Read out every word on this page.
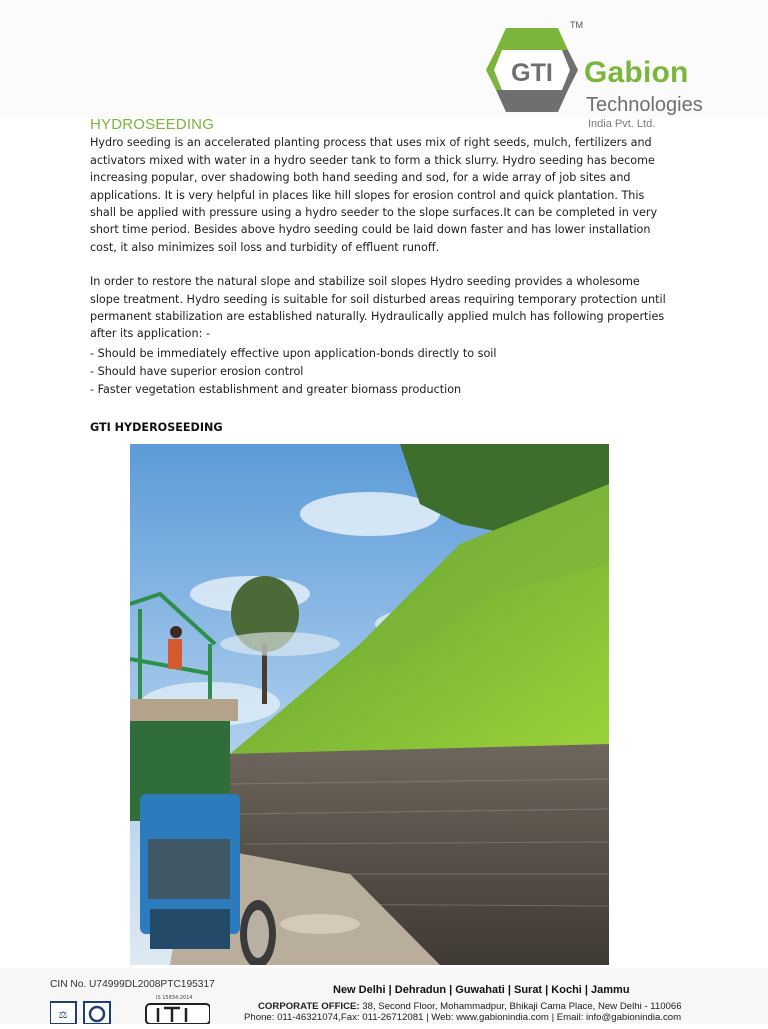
GTI
TM
Gabion
Technologies
India Pvt. Ltd.
HYDROSEEDING

Hydro seeding is an accelerated planting process that uses mix of right seeds, mulch, fertilizers and activators mixed with water in a hydro seeder tank to form a thick slurry. Hydro seeding has become increasing popular, over shadowing both hand seeding and sod, for a wide array of job sites and applications. It is very helpful in places like hill slopes for erosion control and quick plantation. This shall be applied with pressure using a hydro seeder to the slope surfaces.It can be completed in very short time period. Besides above hydro seeding could be laid down faster and has lower installation cost, it also minimizes soil loss and turbidity of effluent runoff.

In order to restore the natural slope and stabilize soil slopes Hydro seeding provides a wholesome slope treatment. Hydro seeding is suitable for soil disturbed areas requiring temporary protection until permanent stabilization are established naturally. Hydraulically applied mulch has following properties after its application: -

- Should be immediately effective upon application-bonds directly to soil
- Should have superior erosion control
- Faster vegetation establishment and greater biomass production
GTI HYDEROSEEDING
CIN No. U74999DL2008PTC195317	New Delhi | Dehradun | Guwahati | Surat | Kochi | Jammu
CORPORATE OFFICE: 38, Second Floor, Mohammadpur, Bhikaji Cama Place, New Delhi - 110066
Phone: 011-46321074,Fax: 011-26712081 | Web: www.gabionindia.com | Email: info@gabionindia.com
⚖
IS 15834:2014
